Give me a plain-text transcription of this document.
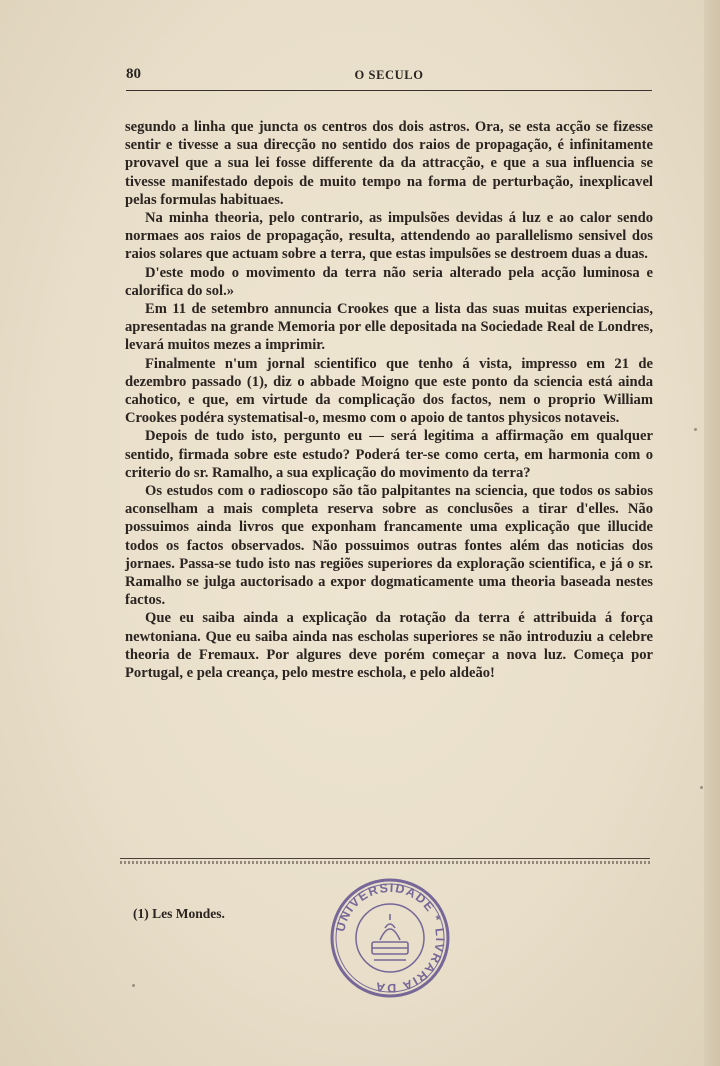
80	O SECULO

segundo a linha que juncta os centros dos dois astros. Ora, se esta acção se fizesse sentir e tivesse a sua direcção no sentido dos raios de propagação, é infinitamente provavel que a sua lei fosse differente da da attracção, e que a sua influencia se tivesse manifestado depois de muito tempo na forma de perturbação, inexplicavel pelas formulas habituaes.

Na minha theoria, pelo contrario, as impulsões devidas á luz e ao calor sendo normaes aos raios de propagação, resulta, attendendo ao parallelismo sensivel dos raios solares que actuam sobre a terra, que estas impulsões se destroem duas a duas.

D'este modo o movimento da terra não seria alterado pela acção luminosa e calorifica do sol.»

Em 11 de setembro annuncia Crookes que a lista das suas muitas experiencias, apresentadas na grande Memoria por elle depositada na Sociedade Real de Londres, levará muitos mezes a imprimir.

Finalmente n'um jornal scientifico que tenho á vista, impresso em 21 de dezembro passado (1), diz o abbade Moigno que este ponto da sciencia está ainda cahotico, e que, em virtude da complicação dos factos, nem o proprio William Crookes podéra systematisal-o, mesmo com o apoio de tantos physicos notaveis.

Depois de tudo isto, pergunto eu — será legitima a affirmação em qualquer sentido, firmada sobre este estudo? Poderá ter-se como certa, em harmonia com o criterio do sr. Ramalho, a sua explicação do movimento da terra?

Os estudos com o radioscopo são tão palpitantes na sciencia, que todos os sabios aconselham a mais completa reserva sobre as conclusões a tirar d'elles. Não possuimos ainda livros que exponham francamente uma explicação que illucide todos os factos observados. Não possuimos outras fontes além das noticias dos jornaes. Passa-se tudo isto nas regiões superiores da exploração scientifica, e já o sr. Ramalho se julga auctorisado a expor dogmaticamente uma theoria baseada nestes factos.

Que eu saiba ainda a explicação da rotação da terra é attribuida á força newtoniana. Que eu saiba ainda nas escholas superiores se não introduziu a celebre theoria de Fremaux. Por algures deve porém começar a nova luz. Começa por Portugal, e pela creança, pelo mestre eschola, e pelo aldeão!

(1) Les Mondes.
UNIVERSIDADE * LIVRARIA DA
